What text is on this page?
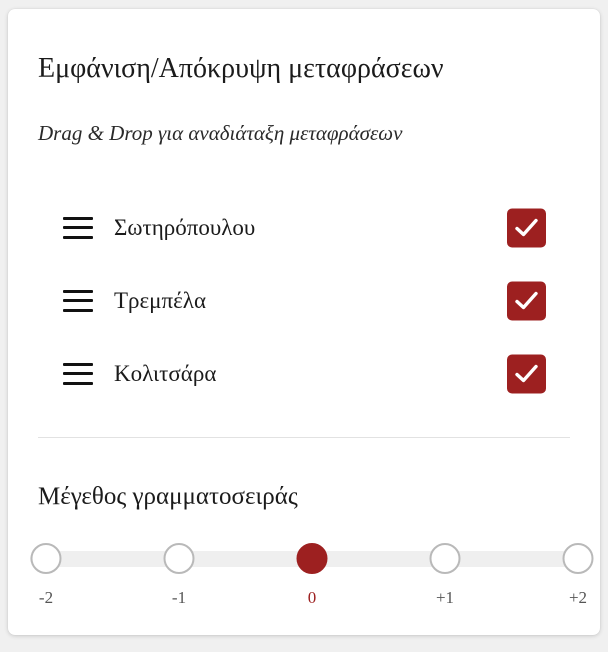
Εμφάνιση/Απόκρυψη μεταφράσεων
Drag & Drop για αναδιάταξη μεταφράσεων
Σωτηρόπουλου
Τρεμπέλα
Κολιτσάρα
Μέγεθος γραμματοσειράς
-2	-1	0	+1	+2
